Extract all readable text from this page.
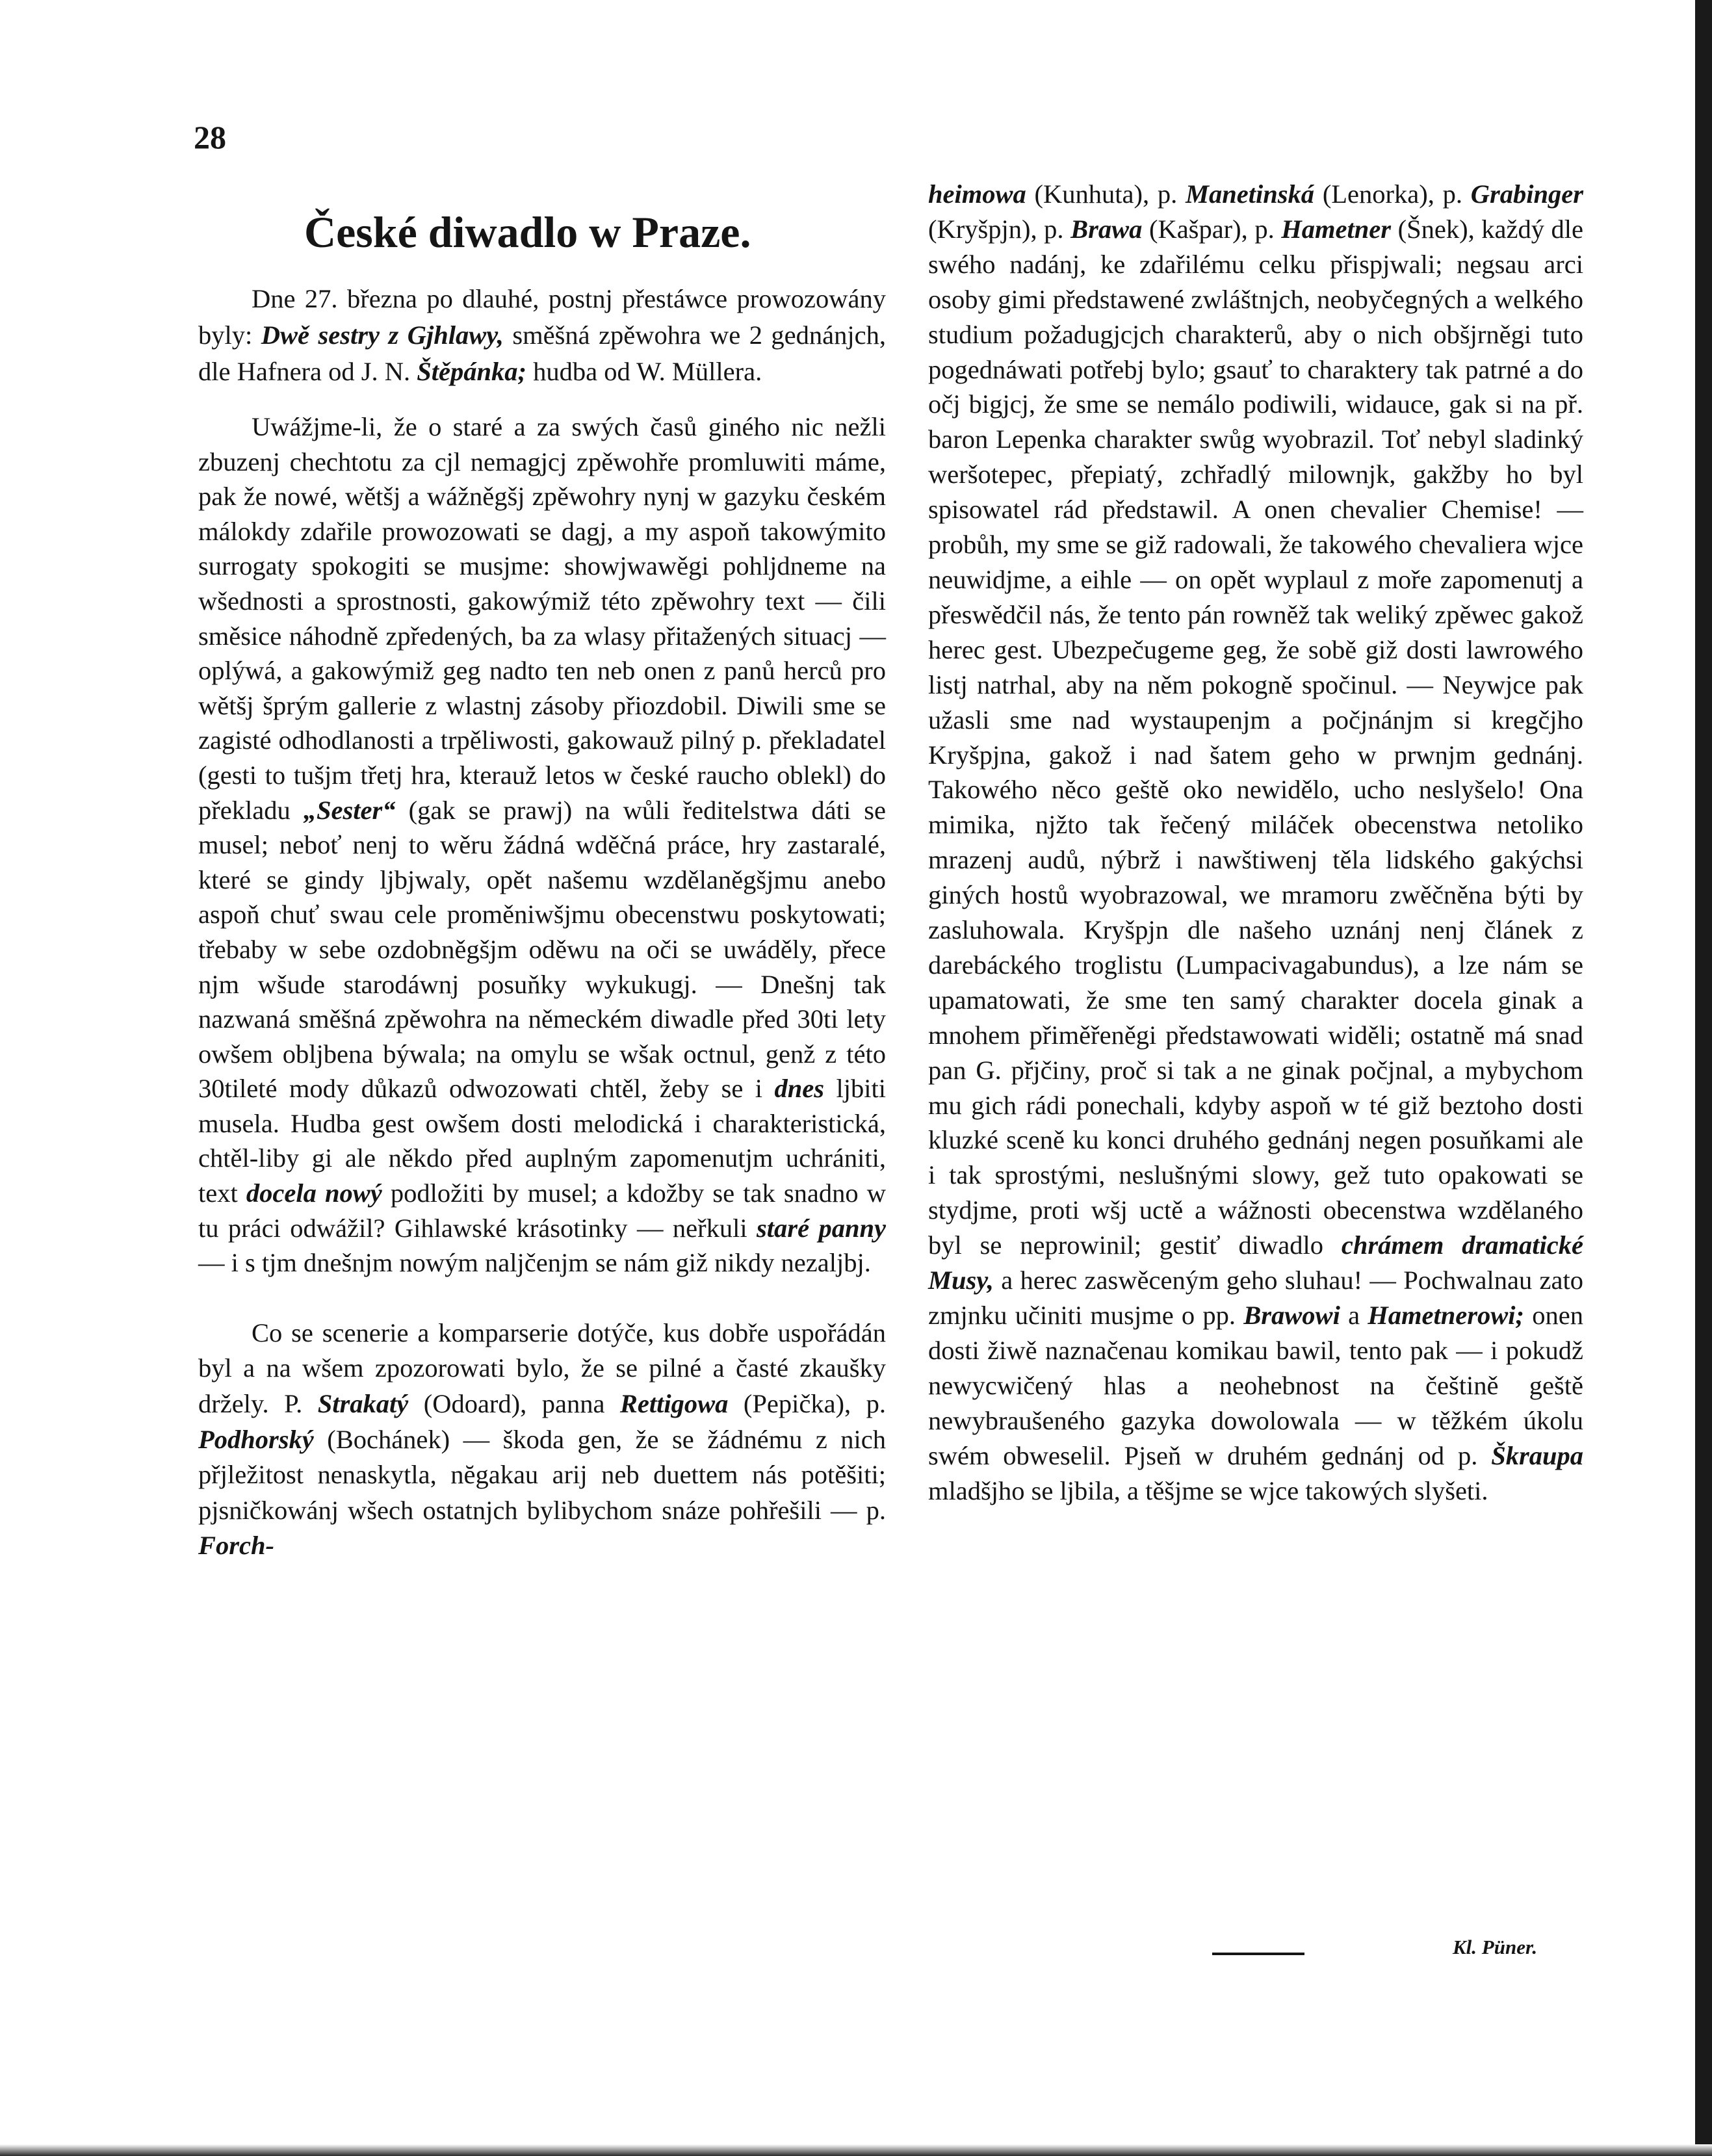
28
České diwadlo w Praze.

Dne 27. března po dlauhé, postnj přestáwce prowozowány byly: Dwě sestry z Gjhlawy, směšná zpěwohra we 2 gednánjch, dle Hafnera od J. N. Štěpánka; hudba od W. Müllera.

Uwážjme-li, že o staré a za swých časů giného nic nežli zbuzenj chechtotu za cjl nemagjcj zpěwohře promluwiti máme, pak že nowé, wětšj a wážněgšj zpěwohry nynj w gazyku českém málokdy zdařile prowozowati se dagj, a my aspoň takowýmito surrogaty spokogiti se musjme: showjwawěgi pohljdneme na wšednosti a sprostnosti, gakowýmiž této zpěwohry text — čili směsice náhodně zpředených, ba za wlasy přitažených situacj — oplýwá, a gakowýmiž geg nadto ten neb onen z panů herců pro wětšj šprým gallerie z wlastnj zásoby přiozdobil. Diwili sme se zagisté odhodlanosti a trpěliwosti, gakowauž pilný p. překladatel (gesti to tušjm třetj hra, kterauž letos w české raucho oblekl) do překladu „Sester“ (gak se prawj) na wůli ředitelstwa dáti se musel; neboť nenj to wěru žádná wděčná práce, hry zastaralé, které se gindy ljbjwaly, opět našemu wzdělaněgšjmu anebo aspoň chuť swau cele proměniwšjmu obecenstwu poskytowati; třebaby w sebe ozdobněgšjm oděwu na oči se uwáděly, přece njm wšude starodáwnj posuňky wykukugj. — Dnešnj tak nazwaná směšná zpěwohra na německém diwadle před 30ti lety owšem oblјbena býwala; na omylu se wšak octnul, genž z této 30tileté mody důkazů odwozowati chtěl, žeby se i dnes ljbiti musela. Hudba gest owšem dosti melodická i charakteristická, chtěl-liby gi ale někdo před auplným zapomenutjm uchrániti, text docela nowý podložiti by musel; a kdožby se tak snadno w tu práci odwážil? Gihlawské krásotinky — neřkuli staré panny — i s tjm dnešnjm nowým naljčenjm se nám giž nikdy nezaljbj.

Co se scenerie a komparserie dotýče, kus dobře uspořádán byl a na wšem zpozorowati bylo, že se pilné a časté zkaušky držely. P. Strakatý (Odoard), panna Rettigowa (Pepička), p. Podhorský (Bochánek) — škoda gen, že se žádnému z nich přjležitost nenaskytla, nĕgakau arij neb duettem nás potěšiti; pjsničkowánj wšech ostatnjch bylibychom snáze pohřešili — p. Forch-

heimowa (Kunhuta), p. Manetinská (Lenorka), p. Grabinger (Kryšpjn), p. Brawa (Kašpar), p. Hametner (Šnek), každý dle swého nadánj, ke zdařilému celku přispjwali; negsau arci osoby gimi předstawené zwláštnjch, neobyčegných a welkého studium požadugjcjch charakterů, aby o nich obšjrněgi tuto pogednáwati potřebj bylo; gsauť to charaktery tak patrné a do očj bigjcj, že sme se nemálo podiwili, widauce, gak si na př. baron Lepenka charakter swůg wyobrazil. Toť nebyl sladinký weršotepec, přepiatý, zchřadlý milownjk, gakžby ho byl spisowatel rád předstawil. A onen chevalier Chemise! — probůh, my sme se giž radowali, že takowého chevaliera wjce neuwidjme, a eihle — on opět wyplaul z moře zapomenutj a přeswědčil nás, že tento pán rowněž tak weliký zpěwec gakož herec gest. Ubezpečugeme geg, že sobě giž dosti lawrowého listj natrhal, aby na něm pokogně spočinul. — Neywjce pak užasli sme nad wystaupenjm a počjnánjm si kregčjho Kryšpjna, gakož i nad šatem geho w prwnjm gednánj. Takowého něco geště oko newidělo, ucho neslyšelo! Ona mimika, njžto tak řečený miláček obecenstwa netoliko mrazenj audů, nýbrž i nawštiwenj těla lidského gakýchsi giných hostů wyobrazowal, we mramoru zwěčněna býti by zasluhowala. Kryšpjn dle našeho uznánj nenj článek z darebáckého troglistu (Lumpacivagabundus), a lze nám se upamatowati, že sme ten samý charakter docela ginak a mnohem přiměřeněgi předstawowati widěli; ostatně má snad pan G. přjčiny, proč si tak a ne ginak počjnal, a mybychom mu gich rádi ponechali, kdyby aspoň w té giž beztoho dosti kluzké sceně ku konci druhého gednánj negen posuňkami ale i tak sprostými, neslušnými slowy, gež tuto opakowati se stydjme, proti wšj uctě a wážnosti obecenstwa wzdělaného byl se neprowinil; gestiť diwadlo chrámem dramatické Musy, a herec zaswěceným geho sluhau! — Pochwalnau zato zmjnku učiniti musjme o pp. Brawowi a Hametnerowi; onen dosti žiwě naznačenau komikau bawil, tento pak — i pokudž newycwičený hlas a neohebnost na češtině geště newybraušeného gazyka dowolowala — w těžkém úkolu swém obweselil. Pjseň w druhém gednánj od p. Škraupa mladšjho se ljbila, a těšjme se wjce takowých slyšeti.

Kl. Püner.
